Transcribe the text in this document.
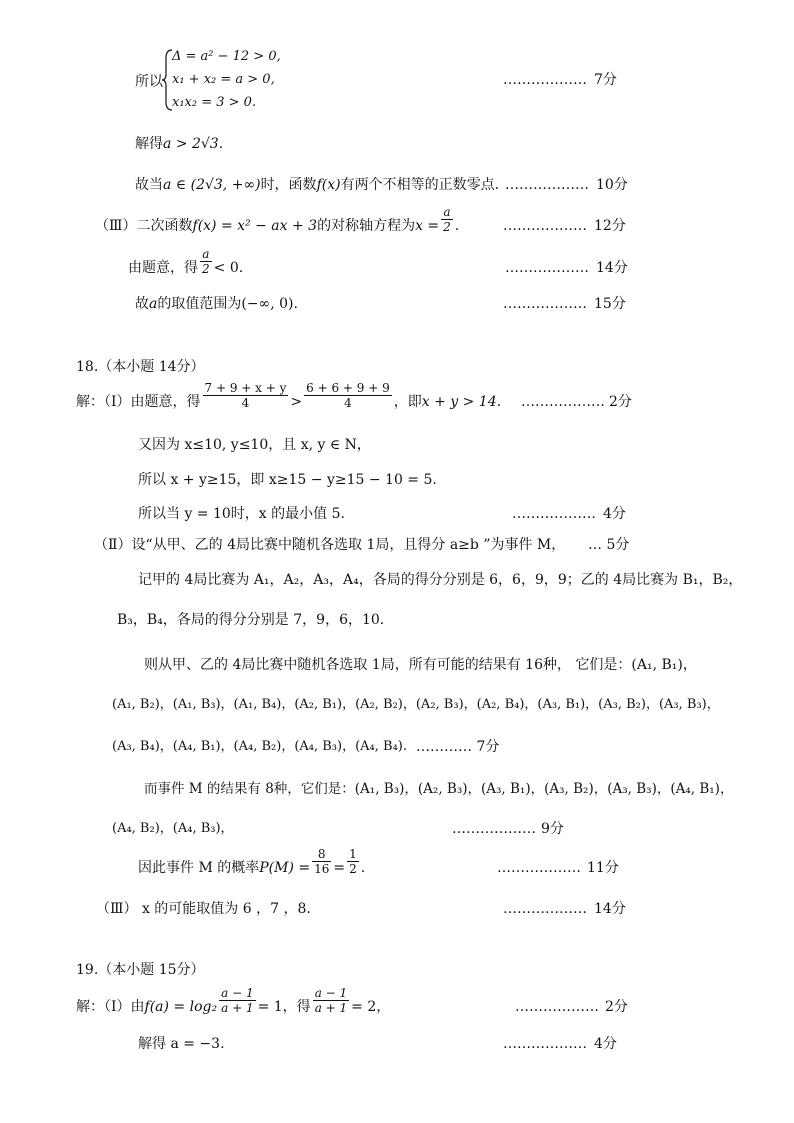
所以
Δ = a² − 12 > 0,
x₁ + x₂ = a > 0,
x₁x₂ = 3 > 0.
……………… 7分
解得a > 2√3.
故当a ∈ (2√3, +∞)时，函数f(x)有两个不相等的正数零点. ……………… 10分
（Ⅲ）二次函数f(x) = x² − ax + 3的对称轴方程为$x = \frac{a}{2}$ .	……………… 12分
由题意，得 $\frac{a}{2} < 0$.	……………… 14分
故a的取值范围为(−∞, 0).	……………… 15分
18.（本小题 14分）
解：（Ⅰ）由题意，得 $\frac{7 + 9 + x + y}{4} > \frac{6 + 6 + 9 + 9}{4}$ ，即x + y > 14. ……………… 2分
又因为 x≤10, y≤10，且 x, y ∈ N，
所以 x + y≥15，即 x≥15 − y≥15 − 10 = 5.
所以当 y = 10时，x 的最小值 5.	……………… 4分
（Ⅱ）设“从甲、乙的 4局比赛中随机各选取 1局，且得分 a≥b ”为事件 M， … 5分
记甲的 4局比赛为 A₁，A₂，A₃，A₄，各局的得分分别是 6，6，9，9；乙的 4局比赛为 B₁，B₂，
B₃，B₄，各局的得分分别是 7，9，6，10.
则从甲、乙的 4局比赛中随机各选取 1局，所有可能的结果有 16种， 它们是：(A₁, B₁)，
(A₁, B₂)，(A₁, B₃)，(A₁, B₄)，(A₂, B₁)，(A₂, B₂)，(A₂, B₃)，(A₂, B₄)，(A₃, B₁)，(A₃, B₂)，(A₃, B₃)，
(A₃, B₄)，(A₄, B₁)，(A₄, B₂)，(A₄, B₃)，(A₄, B₄). ………… 7分
而事件 M 的结果有 8种，它们是：(A₁, B₃)，(A₂, B₃)，(A₃, B₁)，(A₃, B₂)，(A₃, B₃)，(A₄, B₁)，
(A₄, B₂)，(A₄, B₃)，	……………… 9分
因此事件 M 的概率$P(M) = \frac{8}{16} = \frac{1}{2}$ .	……………… 11分
（Ⅲ） x 的可能取值为 6 ，7 ，8.	……………… 14分
19.（本小题 15分）
解：（Ⅰ）由$f(a) = \log_2 \frac{a - 1}{a + 1} = 1$，得 $\frac{a - 1}{a + 1} = 2$，	……………… 2分
解得 a = −3.	……………… 4分
